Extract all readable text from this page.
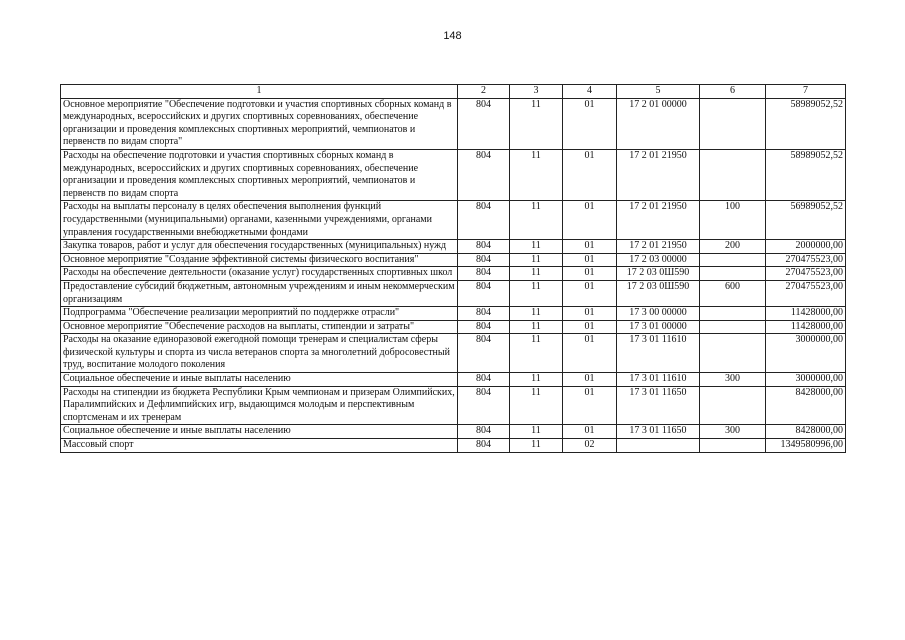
148
1	2	3	4	5	6	7
Основное мероприятие "Обеспечение подготовки и участия спортивных сборных команд в международных, всероссийских и других спортивных соревнованиях, обеспечение организации и проведения комплексных спортивных мероприятий, чемпионатов и первенств по видам спорта"	804	11	01	17 2 01 00000		58989052,52
Расходы на обеспечение подготовки и участия спортивных сборных команд в международных, всероссийских и других спортивных соревнованиях, обеспечение организации и проведения комплексных спортивных мероприятий, чемпионатов и первенств по видам спорта	804	11	01	17 2 01 21950		58989052,52
Расходы на выплаты персоналу в целях обеспечения выполнения функций государственными (муниципальными) органами, казенными учреждениями, органами управления государственными внебюджетными фондами	804	11	01	17 2 01 21950	100	56989052,52
Закупка товаров, работ и услуг для обеспечения государственных (муниципальных) нужд	804	11	01	17 2 01 21950	200	2000000,00
Основное мероприятие "Создание эффективной системы физического воспитания"	804	11	01	17 2 03 00000		270475523,00
Расходы на обеспечение деятельности (оказание услуг) государственных спортивных школ	804	11	01	17 2 03 0Ш590		270475523,00
Предоставление субсидий бюджетным, автономным учреждениям и иным некоммерческим организациям	804	11	01	17 2 03 0Ш590	600	270475523,00
Подпрограмма "Обеспечение реализации мероприятий по поддержке отрасли"	804	11	01	17 3 00 00000		11428000,00
Основное мероприятие "Обеспечение расходов на выплаты, стипендии и затраты"	804	11	01	17 3 01 00000		11428000,00
Расходы на оказание единоразовой ежегодной помощи тренерам и специалистам сферы физической культуры и спорта из числа ветеранов спорта за многолетний добросовестный труд, воспитание молодого поколения	804	11	01	17 3 01 11610		3000000,00
Социальное обеспечение и иные выплаты населению	804	11	01	17 3 01 11610	300	3000000,00
Расходы на стипендии из бюджета Республики Крым чемпионам и призерам Олимпийских, Паралимпийских и Дефлимпийских игр, выдающимся молодым и перспективным спортсменам и их тренерам	804	11	01	17 3 01 11650		8428000,00
Социальное обеспечение и иные выплаты населению	804	11	01	17 3 01 11650	300	8428000,00
Массовый спорт	804	11	02			1349580996,00
